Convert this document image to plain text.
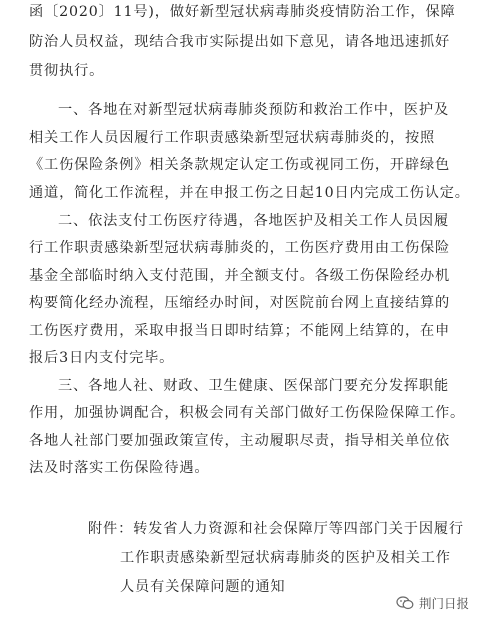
函〔2020〕11号)，做好新型冠状病毒肺炎疫情防治工作，保障
防治人员权益，现结合我市实际提出如下意见，请各地迅速抓好
贯彻执行。
一、各地在对新型冠状病毒肺炎预防和救治工作中，医护及
相关工作人员因履行工作职责感染新型冠状病毒肺炎的，按照
《工伤保险条例》相关条款规定认定工伤或视同工伤，开辟绿色
通道，简化工作流程，并在申报工伤之日起10日内完成工伤认定。
二、依法支付工伤医疗待遇，各地医护及相关工作人员因履
行工作职责感染新型冠状病毒肺炎的，工伤医疗费用由工伤保险
基金全部临时纳入支付范围，并全额支付。各级工伤保险经办机
构要简化经办流程，压缩经办时间，对医院前台网上直接结算的
工伤医疗费用，采取申报当日即时结算；不能网上结算的，在申
报后3日内支付完毕。
三、各地人社、财政、卫生健康、医保部门要充分发挥职能
作用，加强协调配合，积极会同有关部门做好工伤保险保障工作。
各地人社部门要加强政策宣传，主动履职尽责，指导相关单位依
法及时落实工伤保险待遇。
附件：转发省人力资源和社会保障厅等四部门关于因履行
工作职责感染新型冠状病毒肺炎的医护及相关工作
人员有关保障问题的通知
荆门日报
